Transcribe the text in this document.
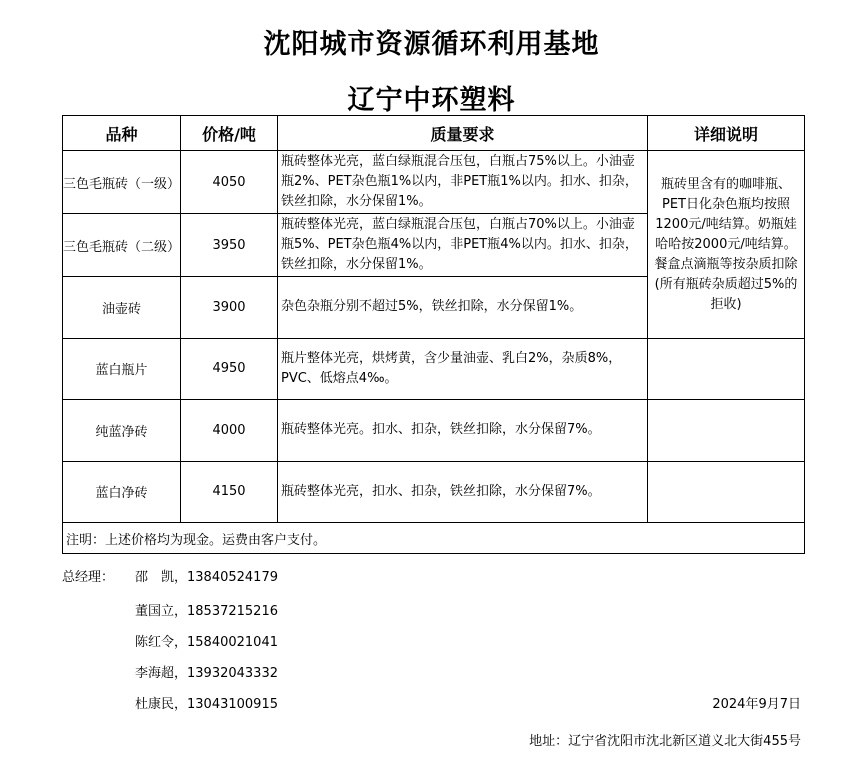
沈阳城市资源循环利用基地
辽宁中环塑料
品种	价格/吨	质量要求	详细说明
三色毛瓶砖（一级）	4050	瓶砖整体光亮，蓝白绿瓶混合压包，白瓶占75%以上。小油壶瓶2%、PET杂色瓶1%以内，非PET瓶1%以内。扣水、扣杂，铁丝扣除，水分保留1%。	瓶砖里含有的咖啡瓶、PET日化杂色瓶均按照1200元/吨结算。奶瓶娃哈哈按2000元/吨结算。餐盒点滴瓶等按杂质扣除(所有瓶砖杂质超过5%的拒收)
三色毛瓶砖（二级）	3950	瓶砖整体光亮，蓝白绿瓶混合压包，白瓶占70%以上。小油壶瓶5%、PET杂色瓶4%以内，非PET瓶4%以内。扣水、扣杂，铁丝扣除，水分保留1%。	
油壶砖	3900	杂色杂瓶分别不超过5%，铁丝扣除，水分保留1%。	
蓝白瓶片	4950	瓶片整体光亮，烘烤黄，含少量油壶、乳白2%，杂质8%，PVC、低熔点4‰。	
纯蓝净砖	4000	瓶砖整体光亮。扣水、扣杂，铁丝扣除，水分保留7%。	
蓝白净砖	4150	瓶砖整体光亮，扣水、扣杂，铁丝扣除，水分保留7%。	
注明：上述价格均为现金。运费由客户支付。			
总经理： 邵　凯，13840524179
董国立，18537215216
陈红令，15840021041
李海超，13932043332
杜康民，13043100915	2024年9月7日
地址：辽宁省沈阳市沈北新区道义北大街455号
